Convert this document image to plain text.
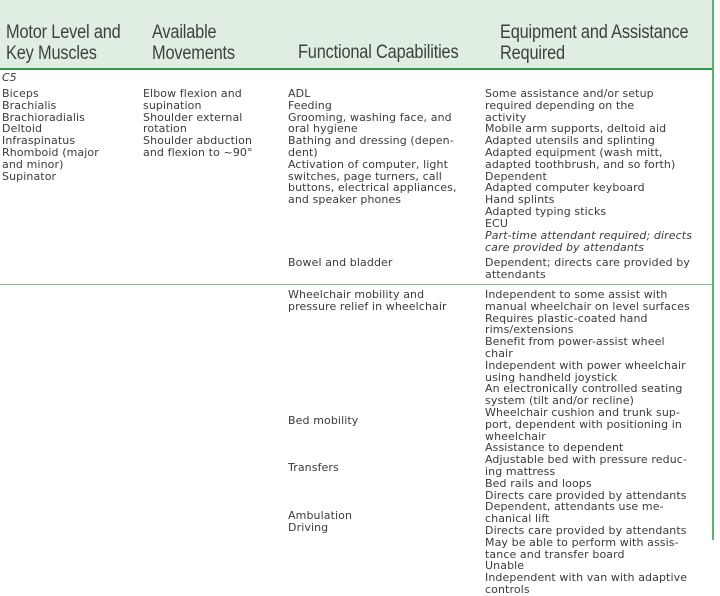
Motor Level and
Key Muscles
Available
Movements	Functional Capabilities
Equipment and Assistance
Required
C5
Biceps
Brachialis
Brachioradialis
Deltoid
Infraspinatus
Rhomboid (major
and minor)
Supinator
Elbow flexion and
supination
Shoulder external
rotation
Shoulder abduction
and flexion to ~90°
ADL
Feeding
Grooming, washing face, and
oral hygiene
Bathing and dressing (depen-
dent)
Activation of computer, light
switches, page turners, call
buttons, electrical appliances,
and speaker phones
Bowel and bladder
Wheelchair mobility and
pressure relief in wheelchair
Bed mobility
Transfers
Ambulation
Driving
Some assistance and/or setup
required depending on the
activity
Mobile arm supports, deltoid aid
Adapted utensils and splinting
Adapted equipment (wash mitt,
adapted toothbrush, and so forth)
Dependent
Adapted computer keyboard
Hand splints
Adapted typing sticks
ECU
Part-time attendant required; directs
care provided by attendants
Dependent; directs care provided by
attendants
Independent to some assist with
manual wheelchair on level surfaces
Requires plastic-coated hand
rims/extensions
Benefit from power-assist wheel
chair
Independent with power wheelchair
using handheld joystick
An electronically controlled seating
system (tilt and/or recline)
Wheelchair cushion and trunk sup-
port, dependent with positioning in
wheelchair
Assistance to dependent
Adjustable bed with pressure reduc-
ing mattress
Bed rails and loops
Directs care provided by attendants
Dependent, attendants use me-
chanical lift
Directs care provided by attendants
May be able to perform with assis-
tance and transfer board
Unable
Independent with van with adaptive
controls
